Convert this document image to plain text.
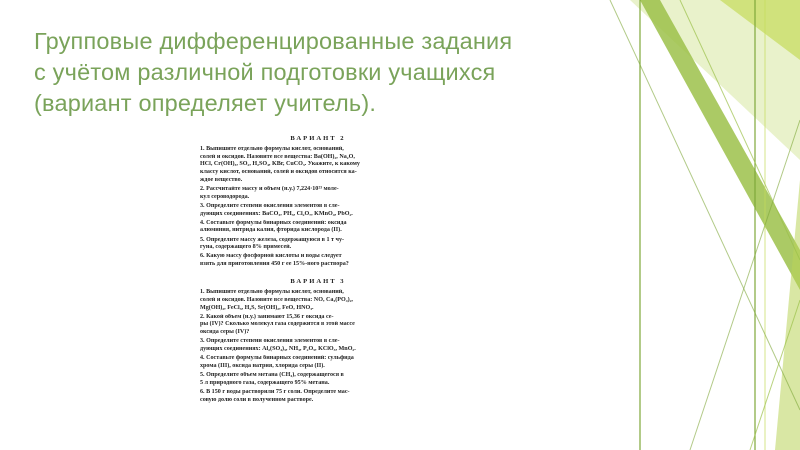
Групповые дифференцированные задания
с учётом различной подготовки учащихся
(вариант определяет учитель).
ВАРИАНТ 2
1. Выпишите отдельно формулы кислот, оснований,
солей и оксидов. Назовите все вещества: Ba(OH)₂, Na₂O,
HCl, Cr(OH)₃, SO₂, H₂SO₄, KBr, CuCO₃. Укажите, к какому
классу кислот, оснований, солей и оксидов относится ка-
ждое вещество.
2. Рассчитайте массу и объем (н.у.) 7,224·10²³ моле-
кул сероводорода.
3. Определите степени окисления элементов в сле-
дующих соединениях: BaCO₃, PH₃, Cl₂O₇, KMnO₄, PbO₂.
4. Составьте формулы бинарных соединений: оксида
алюминия, нитрида калия, фторида кислорода (II).
5. Определите массу железа, содержащуюся в 1 т чу-
гуна, содержащего 8% примесей.
6. Какую массу фосфорной кислоты и воды следует
взять для приготовления 450 г ее 15%-ного раствора?
ВАРИАНТ 3
1. Выпишите отдельно формулы кислот, оснований,
солей и оксидов. Назовите все вещества: NO, Ca₃(PO₄)₂,
Mg(OH)₂, FeCl₃, H₂S, Sr(OH)₂, FeO, HNO₃.
2. Какой объем (н.у.) занимают 15,36 г оксида се-
ры (IV)? Сколько молекул газа содержится в этой массе
оксида серы (IV)?
3. Определите степени окисления элементов в сле-
дующих соединениях: Al₂(SO₄)₃, NH₃, P₂O₅, KClO₃, MnO₂.
4. Составьте формулы бинарных соединений: сульфида
хрома (III), оксида натрия, хлорида серы (II).
5. Определите объем метана (CH₄), содержащегося в
5 л природного газа, содержащего 95% метана.
6. В 150 г воды растворили 75 г соли. Определите мас-
совую долю соли в полученном растворе.
